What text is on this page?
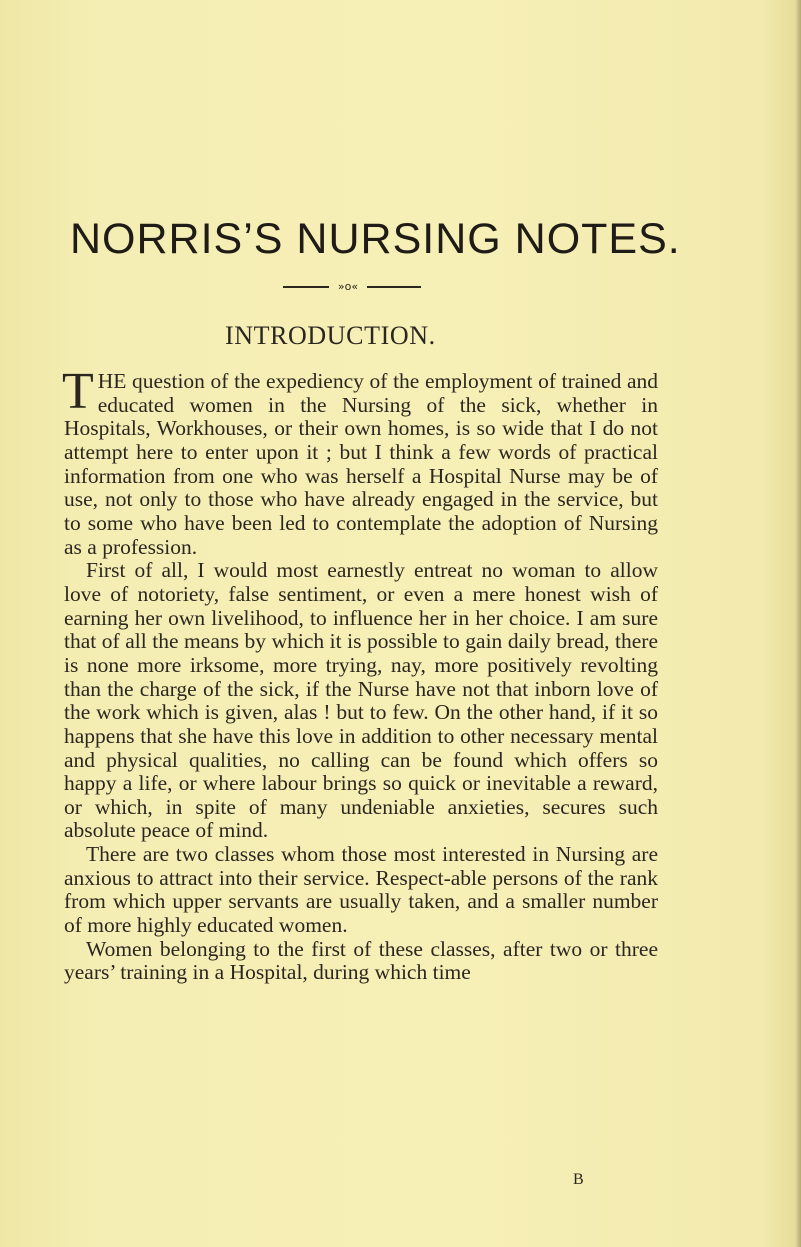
NORRIS’S NURSING NOTES.
»o«
INTRODUCTION.

THE question of the expediency of the employment of trained and educated women in the Nursing of the sick, whether in Hospitals, Workhouses, or their own homes, is so wide that I do not attempt here to enter upon it ; but I think a few words of practical information from one who was herself a Hospital Nurse may be of use, not only to those who have already engaged in the service, but to some who have been led to contemplate the adoption of Nursing as a profession.

First of all, I would most earnestly entreat no woman to allow love of notoriety, false sentiment, or even a mere honest wish of earning her own livelihood, to influence her in her choice. I am sure that of all the means by which it is possible to gain daily bread, there is none more irksome, more trying, nay, more positively revolting than the charge of the sick, if the Nurse have not that inborn love of the work which is given, alas ! but to few. On the other hand, if it so happens that she have this love in addition to other necessary mental and physical qualities, no calling can be found which offers so happy a life, or where labour brings so quick or inevitable a reward, or which, in spite of many undeniable anxieties, secures such absolute peace of mind.

There are two classes whom those most interested in Nursing are anxious to attract into their service. Respect-able persons of the rank from which upper servants are usually taken, and a smaller number of more highly educated women.

Women belonging to the first of these classes, after two or three years’ training in a Hospital, during which time

B
